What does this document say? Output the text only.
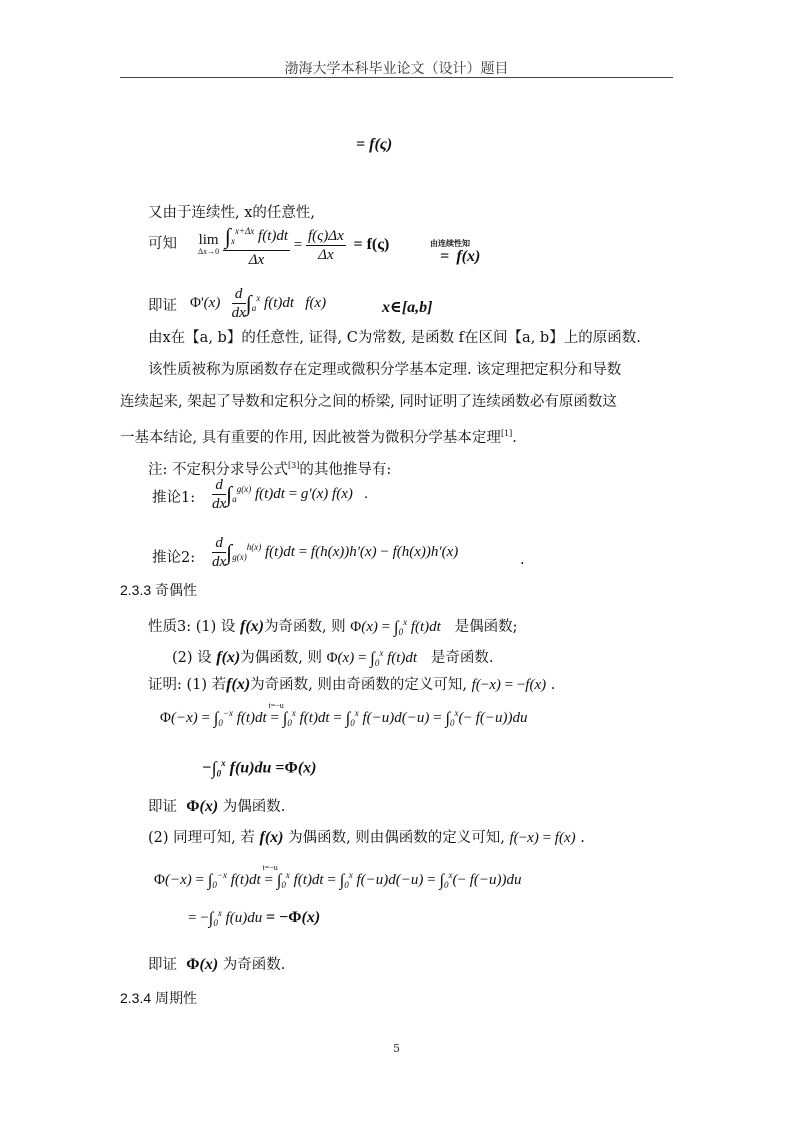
渤海大学本科毕业论文（设计）题目
= f(ς)
又由于连续性, x的任意性,
可知 lim
Δx→0
$\frac{\int_x^{x+\Delta x} f(t)dt}{\Delta x} = \frac{f(\varsigma)\Delta x}{\Delta x} = f(\varsigma)$	由连续性知
=  f(x)
即证 $\Phi'(x) \frac{d}{dx} \int_a^x$ f(t)dt   f(x)	x∈[a,b]
由x在【a, b】的任意性, 证得, C为常数, 是函数 f在区间【a, b】上的原函数.
该性质被称为原函数存在定理或微积分学基本定理. 该定理把定积分和导数
连续起来, 架起了导数和定积分之间的桥梁, 同时证明了连续函数必有原函数这
一基本结论, 具有重要的作用, 因此被誉为微积分学基本定理[1].
注: 不定积分求导公式[3]的其他推导有:
推论1: $\frac{d}{dx} \int_a^{g(x)}$ f(t)dt = g'(x) f(x)   .
推论2: $\frac{d}{dx} \int_{g(x)}^{h(x)}$ f(t)dt = f(h(x))h'(x) − f(h(x))h'(x)
.
2.3.3 奇偶性
性质3: (1) 设 f(x)为奇函数, 则 $\Phi(x) = \int_0^x$ f(t)dt 是偶函数;
(2) 设 f(x)为偶函数, 则 $\Phi(x) = \int_0^x$ f(t)dt 是奇函数.
证明: (1) 若f(x)为奇函数, 则由奇函数的定义可知, f(−x) = −f(x) .
$\Phi(-x) = \int_0^{-x}$ f(t)dt
t=−u
= $\int_0^x$ $f(t)dt = \int_0^x$ $f(-u)d(-u) = \int_0^x(- f(-u))du$
$-\int_0^x$ f(u)du =Φ(x)
即证 Φ(x) 为偶函数.
(2) 同理可知, 若 f(x) 为偶函数, 则由偶函数的定义可知, f(−x) = f(x) .
$\Phi(-x) = \int_0^{-x}$ f(t)dt
t=−u
= $\int_0^x$ $f(t)dt = \int_0^x$ $f(-u)d(-u) = \int_0^x(- f(-u))du$
= $-\int_0^x$ f(u)du = −Φ(x)
即证 Φ(x) 为奇函数.
2.3.4 周期性
5
